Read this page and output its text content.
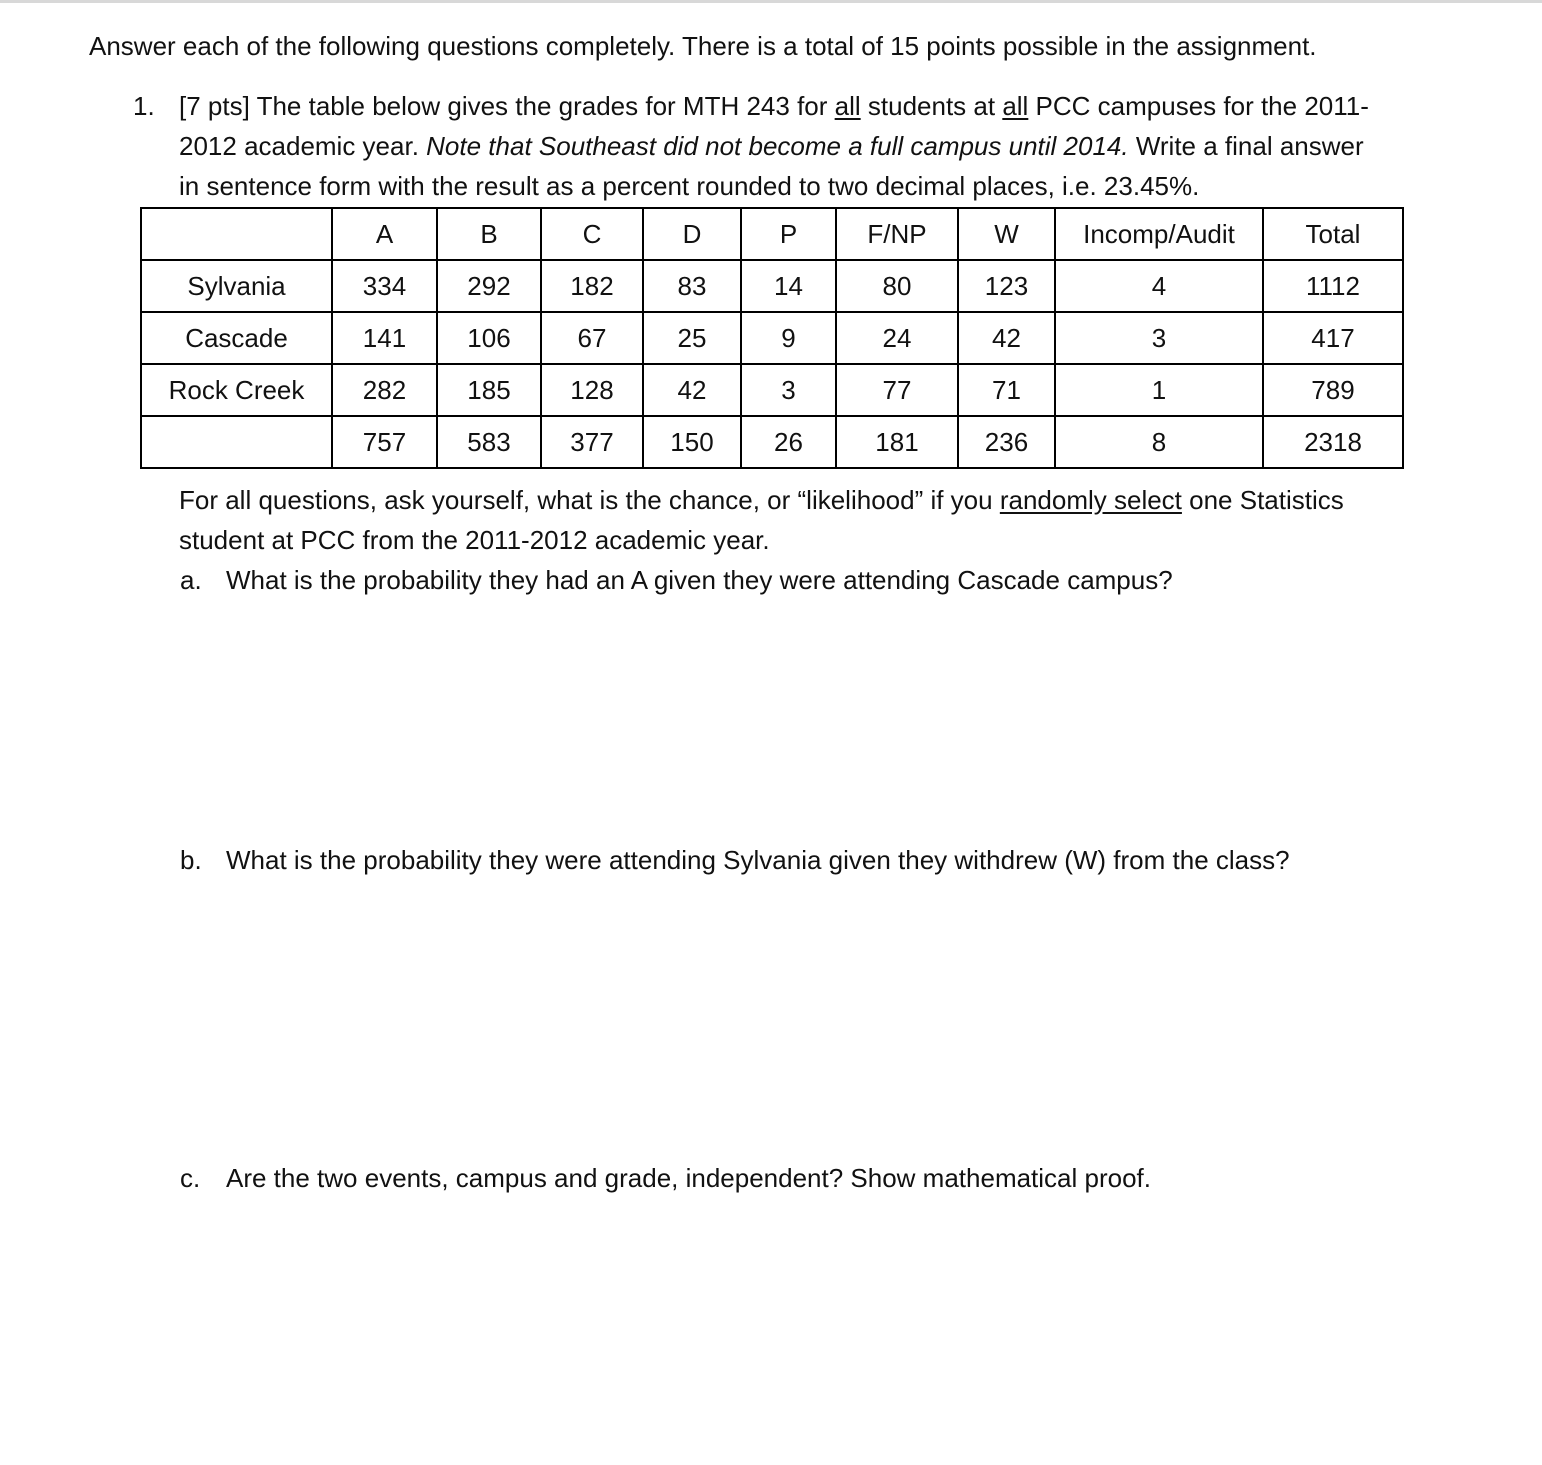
Answer each of the following questions completely. There is a total of 15 points possible in the assignment.
1. [7 pts] The table below gives the grades for MTH 243 for all students at all PCC campuses for the 2011-
2012 academic year. Note that Southeast did not become a full campus until 2014. Write a final answer
in sentence form with the result as a percent rounded to two decimal places, i.e. 23.45%.
	A	B	C	D	P	F/NP	W	Incomp/Audit	Total
Sylvania	334	292	182	83	14	80	123	4	1112
Cascade	141	106	67	25	9	24	42	3	417
Rock Creek	282	185	128	42	3	77	71	1	789
	757	583	377	150	26	181	236	8	2318
For all questions, ask yourself, what is the chance, or “likelihood” if you randomly select one Statistics
student at PCC from the 2011-2012 academic year.
a. What is the probability they had an A given they were attending Cascade campus?
b. What is the probability they were attending Sylvania given they withdrew (W) from the class?
c. Are the two events, campus and grade, independent? Show mathematical proof.
